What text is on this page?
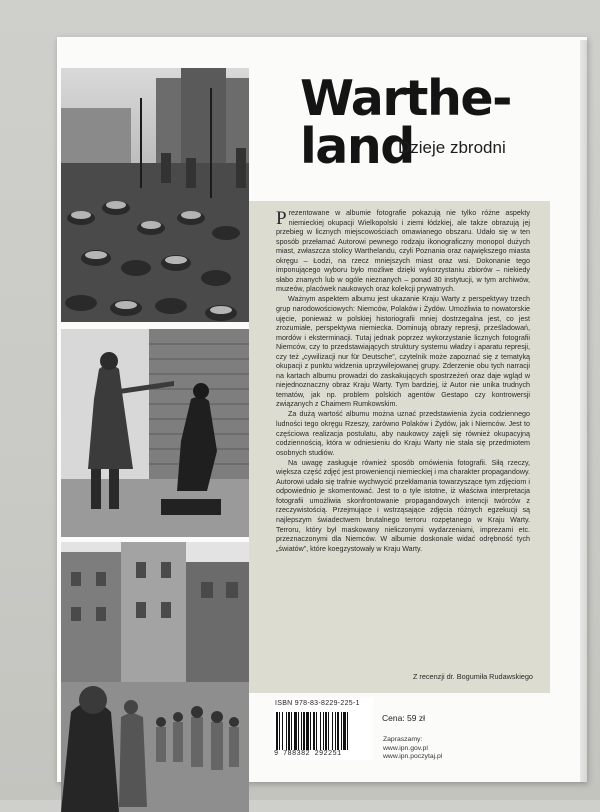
Warthe-
land
Dzieje zbrodni

Prezentowane w albumie fotografie pokazują nie tylko różne aspekty niemieckiej okupacji Wielkopolski i ziemi łódzkiej, ale także obrazują jej przebieg w licznych miejscowościach omawianego obszaru. Udało się w ten sposób przełamać Autorowi pewnego rodzaju ikonograficzny monopol dużych miast, zwłaszcza stolicy Warthelandu, czyli Poznania oraz największego miasta okręgu – Łodzi, na rzecz mniejszych miast oraz wsi. Dokonanie tego imponującego wyboru było możliwe dzięki wykorzystaniu zbiorów – niekiedy słabo znanych lub w ogóle nieznanych – ponad 30 instytucji, w tym archiwów, muzeów, placówek naukowych oraz kolekcji prywatnych.

Ważnym aspektem albumu jest ukazanie Kraju Warty z perspektywy trzech grup narodowościowych: Niemców, Polaków i Żydów. Umożliwia to nowatorskie ujęcie, ponieważ w polskiej historiografii mniej dostrzegalna jest, co jest zrozumiałe, perspektywa niemiecka. Dominują obrazy represji, prześladowań, mordów i eksterminacji. Tutaj jednak poprzez wykorzystanie licznych fotografii Niemców, czy to przedstawiających struktury systemu władzy i aparatu represji, czy też „cywilizacji nur für Deutsche”, czytelnik może zapoznać się z tematyką okupacji z punktu widzenia uprzywilejowanej grupy. Zderzenie obu tych narracji na kartach albumu prowadzi do zaskakujących spostrzeżeń oraz daje wgląd w niejednoznaczny obraz Kraju Warty. Tym bardziej, iż Autor nie unika trudnych tematów, jak np. problem polskich agentów Gestapo czy kontrowersji związanych z Chaimem Rumkowskim.

Za dużą wartość albumu można uznać przedstawienia życia codziennego ludności tego okręgu Rzeszy, zarówno Polaków i Żydów, jak i Niemców. Jest to częściowa realizacja postulatu, aby naukowcy zajęli się również okupacyjną codziennością, która w odniesieniu do Kraju Warty nie stała się przedmiotem osobnych studiów.

Na uwagę zasługuje również sposób omówienia fotografii. Siłą rzeczy, większa część zdjęć jest proweniencji niemieckiej i ma charakter propagandowy. Autorowi udało się trafnie wychwycić przekłamania towarzyszące tym zdjęciom i odpowiednio je skomentować. Jest to o tyle istotne, iż właściwa interpretacja fotografii umożliwia skonfrontowanie propagandowych intencji twórców z rzeczywistością. Przejmujące i wstrząsające zdjęcia różnych egzekucji są najlepszym świadectwem brutalnego terroru rozpętanego w Kraju Warty. Terroru, który był maskowany nieliczonymi wydarzeniami, imprezami etc. przeznaczonymi dla Niemców. W albumie doskonale widać odrębność tych „światów”, które koegzystowały w Kraju Warty.

Z recenzji dr. Bogumiła Rudawskiego
ISBN 978-83-8229-225-1
9 788382 292251
Cena: 59 zł
Zapraszamy:
www.ipn.gov.pl
www.ipn.poczytaj.pl
